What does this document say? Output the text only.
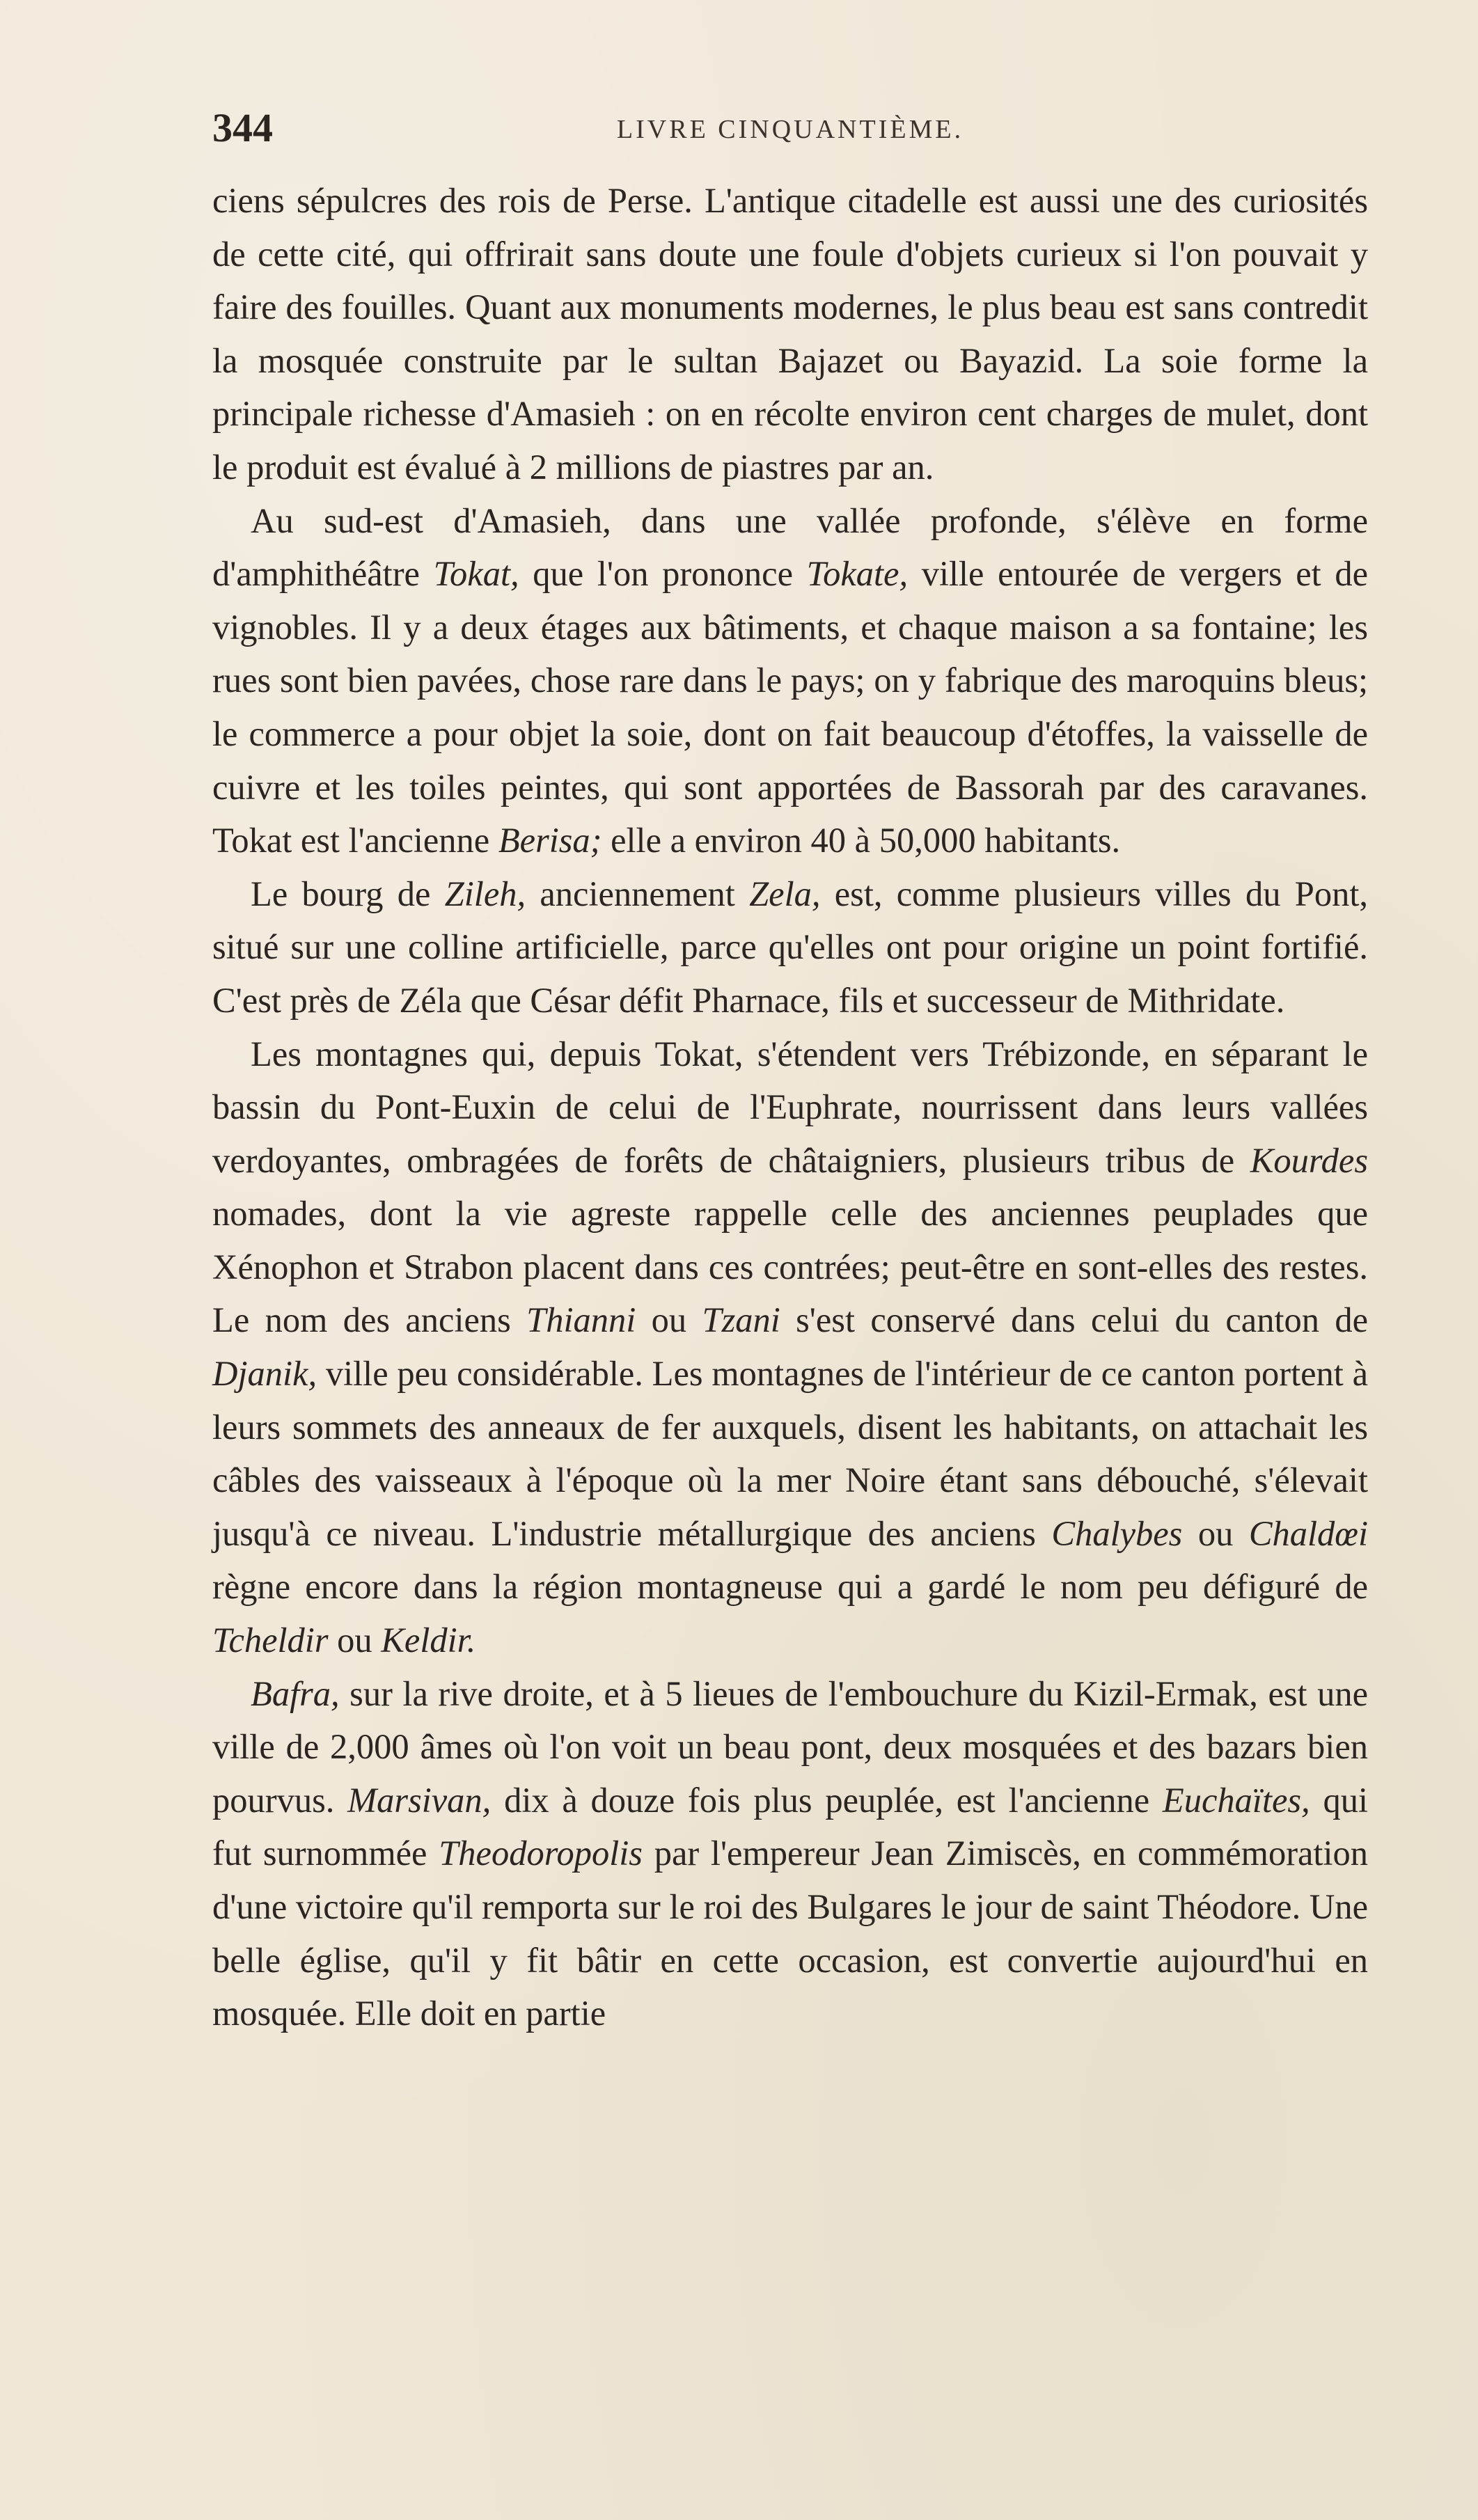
344	LIVRE CINQUANTIÈME.

ciens sépulcres des rois de Perse. L'antique citadelle est aussi une des curiosités de cette cité, qui offrirait sans doute une foule d'objets curieux si l'on pouvait y faire des fouilles. Quant aux monuments modernes, le plus beau est sans contredit la mosquée construite par le sultan Bajazet ou Bayazid. La soie forme la principale richesse d'Amasieh : on en récolte environ cent charges de mulet, dont le produit est évalué à 2 millions de piastres par an.

Au sud-est d'Amasieh, dans une vallée profonde, s'élève en forme d'amphithéâtre Tokat, que l'on prononce Tokate, ville entourée de vergers et de vignobles. Il y a deux étages aux bâtiments, et chaque maison a sa fontaine; les rues sont bien pavées, chose rare dans le pays; on y fabrique des maroquins bleus; le commerce a pour objet la soie, dont on fait beaucoup d'étoffes, la vaisselle de cuivre et les toiles peintes, qui sont apportées de Bassorah par des caravanes. Tokat est l'ancienne Berisa; elle a environ 40 à 50,000 habitants.

Le bourg de Zileh, anciennement Zela, est, comme plusieurs villes du Pont, situé sur une colline artificielle, parce qu'elles ont pour origine un point fortifié. C'est près de Zéla que César défit Pharnace, fils et successeur de Mithridate.

Les montagnes qui, depuis Tokat, s'étendent vers Trébizonde, en séparant le bassin du Pont-Euxin de celui de l'Euphrate, nourrissent dans leurs vallées verdoyantes, ombragées de forêts de châtaigniers, plusieurs tribus de Kourdes nomades, dont la vie agreste rappelle celle des anciennes peuplades que Xénophon et Strabon placent dans ces contrées; peut-être en sont-elles des restes. Le nom des anciens Thianni ou Tzani s'est conservé dans celui du canton de Djanik, ville peu considérable. Les montagnes de l'intérieur de ce canton portent à leurs sommets des anneaux de fer auxquels, disent les habitants, on attachait les câbles des vaisseaux à l'époque où la mer Noire étant sans débouché, s'élevait jusqu'à ce niveau. L'industrie métallurgique des anciens Chalybes ou Chaldœi règne encore dans la région montagneuse qui a gardé le nom peu défiguré de Tcheldir ou Keldir.

Bafra, sur la rive droite, et à 5 lieues de l'embouchure du Kizil-Ermak, est une ville de 2,000 âmes où l'on voit un beau pont, deux mosquées et des bazars bien pourvus. Marsivan, dix à douze fois plus peuplée, est l'ancienne Euchaïtes, qui fut surnommée Theodoropolis par l'empereur Jean Zimiscès, en commémoration d'une victoire qu'il remporta sur le roi des Bulgares le jour de saint Théodore. Une belle église, qu'il y fit bâtir en cette occasion, est convertie aujourd'hui en mosquée. Elle doit en partie
